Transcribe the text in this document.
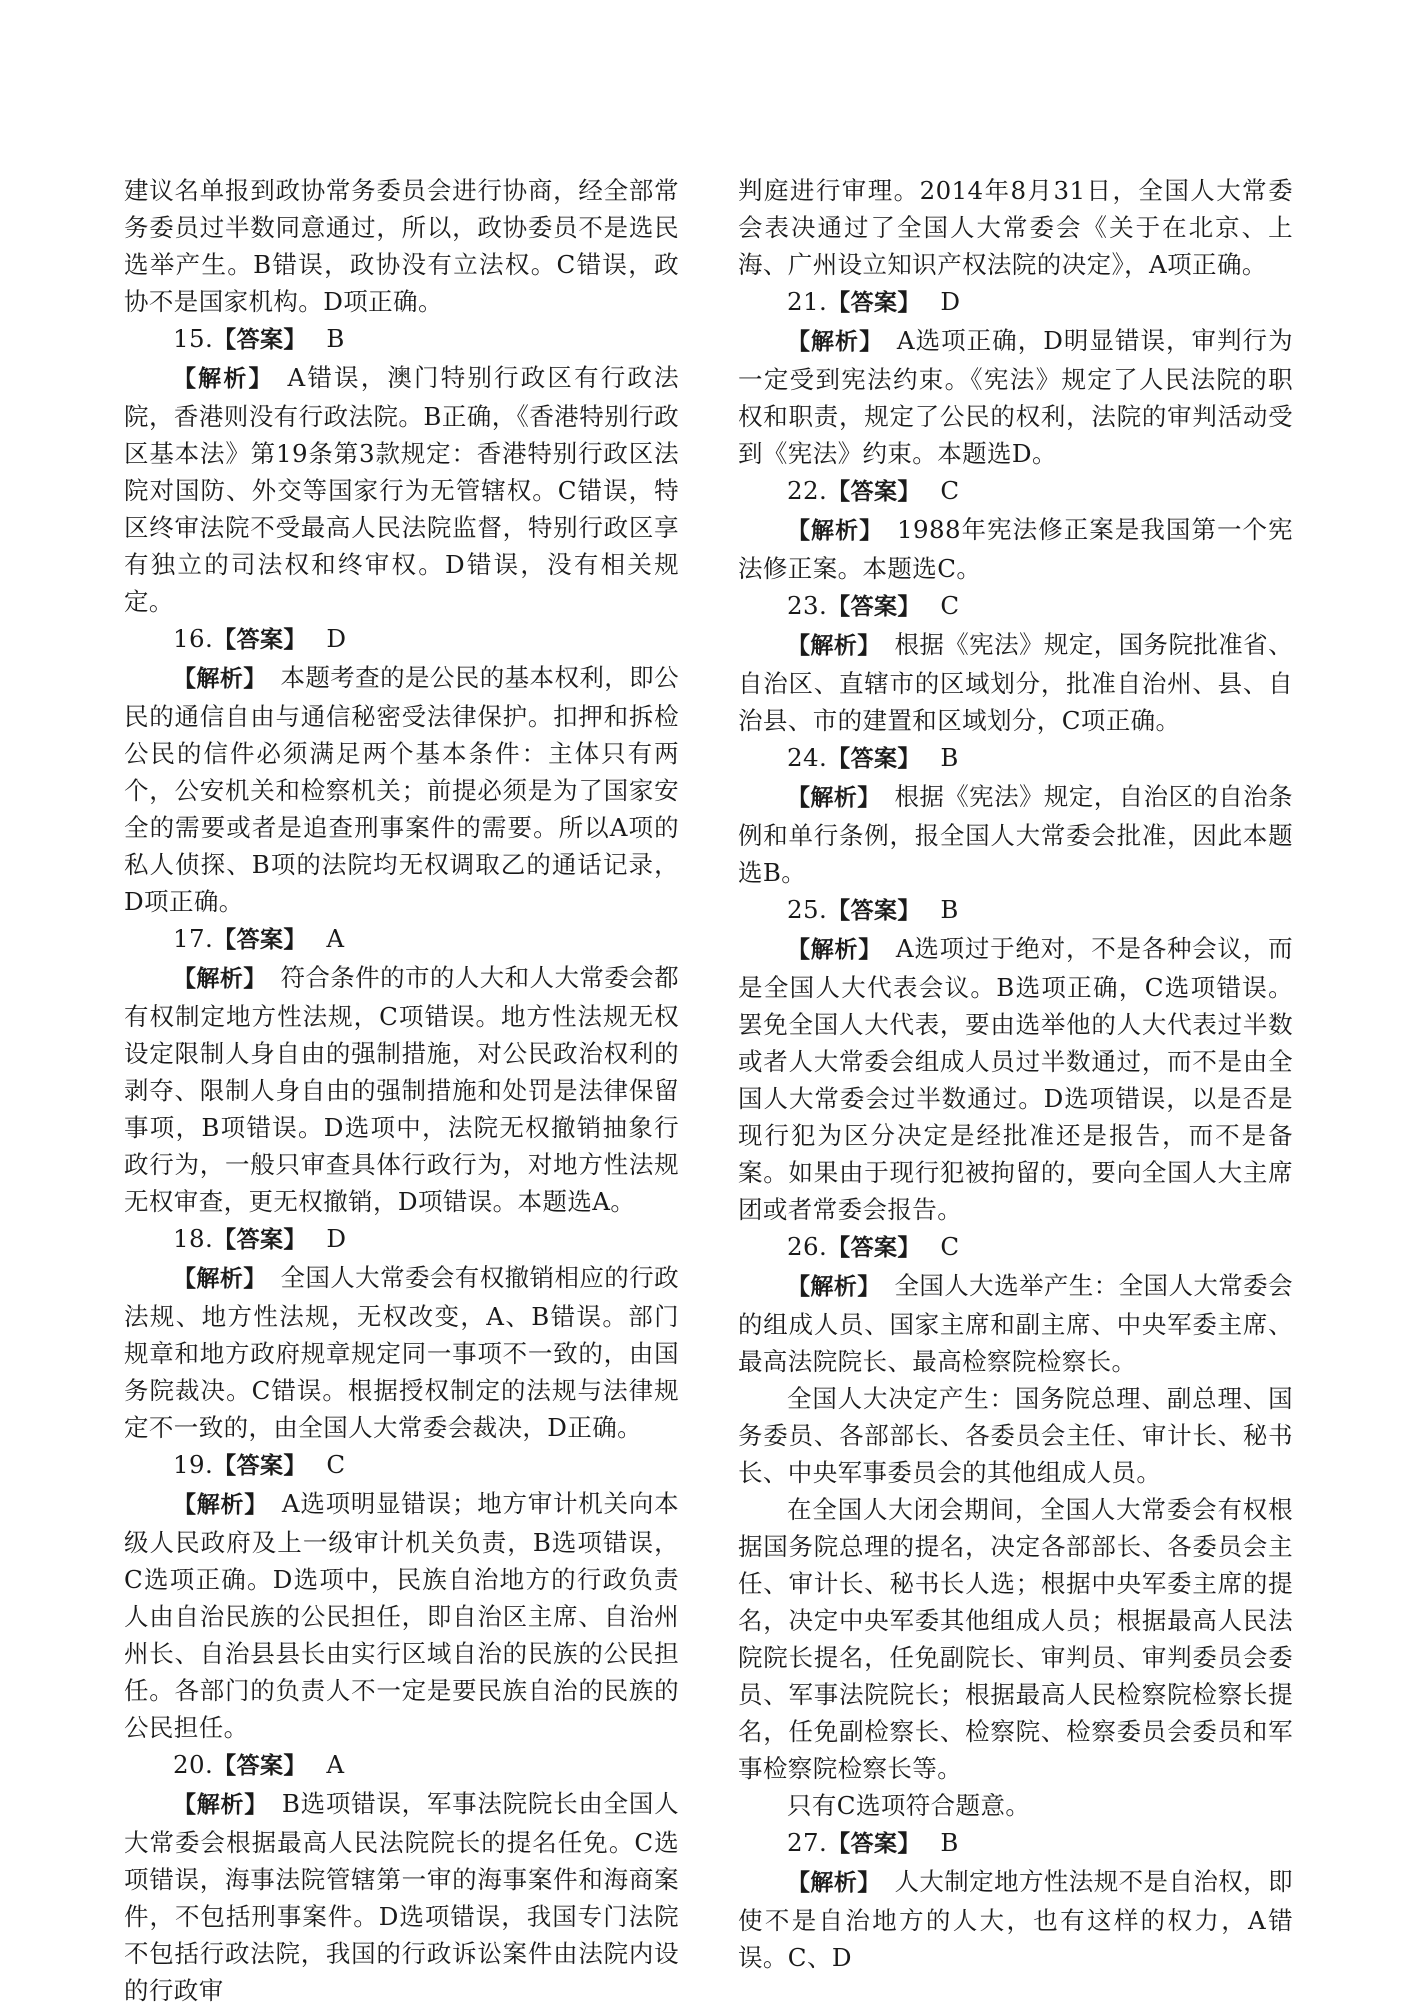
建议名单报到政协常务委员会进行协商，经全部常务委员过半数同意通过，所以，政协委员不是选民选举产生。B错误，政协没有立法权。C错误，政协不是国家机构。D项正确。

15.【答案】 B

【解析】 A错误，澳门特别行政区有行政法院，香港则没有行政法院。B正确，《香港特别行政区基本法》第19条第3款规定：香港特别行政区法院对国防、外交等国家行为无管辖权。C错误，特区终审法院不受最高人民法院监督，特别行政区享有独立的司法权和终审权。D错误，没有相关规定。

16.【答案】 D

【解析】 本题考查的是公民的基本权利，即公民的通信自由与通信秘密受法律保护。扣押和拆检公民的信件必须满足两个基本条件：主体只有两个，公安机关和检察机关；前提必须是为了国家安全的需要或者是追查刑事案件的需要。所以A项的私人侦探、B项的法院均无权调取乙的通话记录，D项正确。

17.【答案】 A

【解析】 符合条件的市的人大和人大常委会都有权制定地方性法规，C项错误。地方性法规无权设定限制人身自由的强制措施，对公民政治权利的剥夺、限制人身自由的强制措施和处罚是法律保留事项，B项错误。D选项中，法院无权撤销抽象行政行为，一般只审查具体行政行为，对地方性法规无权审查，更无权撤销，D项错误。本题选A。

18.【答案】 D

【解析】 全国人大常委会有权撤销相应的行政法规、地方性法规，无权改变，A、B错误。部门规章和地方政府规章规定同一事项不一致的，由国务院裁决。C错误。根据授权制定的法规与法律规定不一致的，由全国人大常委会裁决，D正确。

19.【答案】 C

【解析】 A选项明显错误；地方审计机关向本级人民政府及上一级审计机关负责，B选项错误，C选项正确。D选项中，民族自治地方的行政负责人由自治民族的公民担任，即自治区主席、自治州州长、自治县县长由实行区域自治的民族的公民担任。各部门的负责人不一定是要民族自治的民族的公民担任。

20.【答案】 A

【解析】 B选项错误，军事法院院长由全国人大常委会根据最高人民法院院长的提名任免。C选项错误，海事法院管辖第一审的海事案件和海商案件，不包括刑事案件。D选项错误，我国专门法院不包括行政法院，我国的行政诉讼案件由法院内设的行政审

判庭进行审理。2014年8月31日，全国人大常委会表决通过了全国人大常委会《关于在北京、上海、广州设立知识产权法院的决定》，A项正确。

21.【答案】 D

【解析】 A选项正确，D明显错误，审判行为一定受到宪法约束。《宪法》规定了人民法院的职权和职责，规定了公民的权利，法院的审判活动受到《宪法》约束。本题选D。

22.【答案】 C

【解析】 1988年宪法修正案是我国第一个宪法修正案。本题选C。

23.【答案】 C

【解析】 根据《宪法》规定，国务院批准省、自治区、直辖市的区域划分，批准自治州、县、自治县、市的建置和区域划分，C项正确。

24.【答案】 B

【解析】 根据《宪法》规定，自治区的自治条例和单行条例，报全国人大常委会批准，因此本题选B。

25.【答案】 B

【解析】 A选项过于绝对，不是各种会议，而是全国人大代表会议。B选项正确，C选项错误。罢免全国人大代表，要由选举他的人大代表过半数或者人大常委会组成人员过半数通过，而不是由全国人大常委会过半数通过。D选项错误，以是否是现行犯为区分决定是经批准还是报告，而不是备案。如果由于现行犯被拘留的，要向全国人大主席团或者常委会报告。

26.【答案】 C

【解析】 全国人大选举产生：全国人大常委会的组成人员、国家主席和副主席、中央军委主席、最高法院院长、最高检察院检察长。

全国人大决定产生：国务院总理、副总理、国务委员、各部部长、各委员会主任、审计长、秘书长、中央军事委员会的其他组成人员。

在全国人大闭会期间，全国人大常委会有权根据国务院总理的提名，决定各部部长、各委员会主任、审计长、秘书长人选；根据中央军委主席的提名，决定中央军委其他组成人员；根据最高人民法院院长提名，任免副院长、审判员、审判委员会委员、军事法院院长；根据最高人民检察院检察长提名，任免副检察长、检察院、检察委员会委员和军事检察院检察长等。

只有C选项符合题意。

27.【答案】 B

【解析】 人大制定地方性法规不是自治权，即使不是自治地方的人大，也有这样的权力，A错误。C、D
